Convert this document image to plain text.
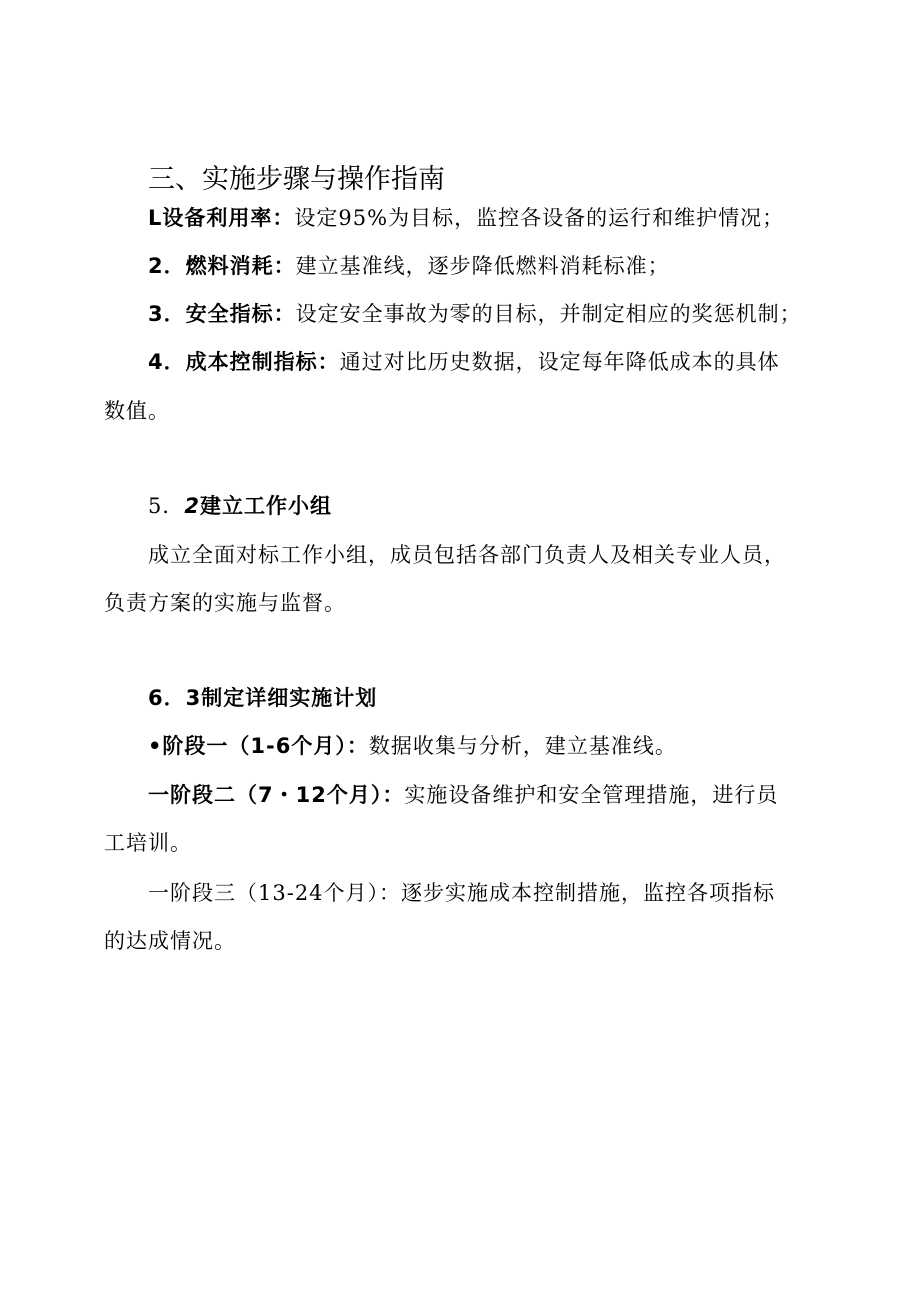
三、实施步骤与操作指南
L设备利用率：设定95%为目标，监控各设备的运行和维护情况；
2．燃料消耗：建立基准线，逐步降低燃料消耗标准；
3．安全指标：设定安全事故为零的目标，并制定相应的奖惩机制；
4．成本控制指标：通过对比历史数据，设定每年降低成本的具体
数值。
5．2建立工作小组
成立全面对标工作小组，成员包括各部门负责人及相关专业人员，
负责方案的实施与监督。
6．3制定详细实施计划
•阶段一（1-6个月）：数据收集与分析，建立基准线。
一阶段二（7・12个月）：实施设备维护和安全管理措施，进行员
工培训。
一阶段三（13-24个月）：逐步实施成本控制措施，监控各项指标
的达成情况。
